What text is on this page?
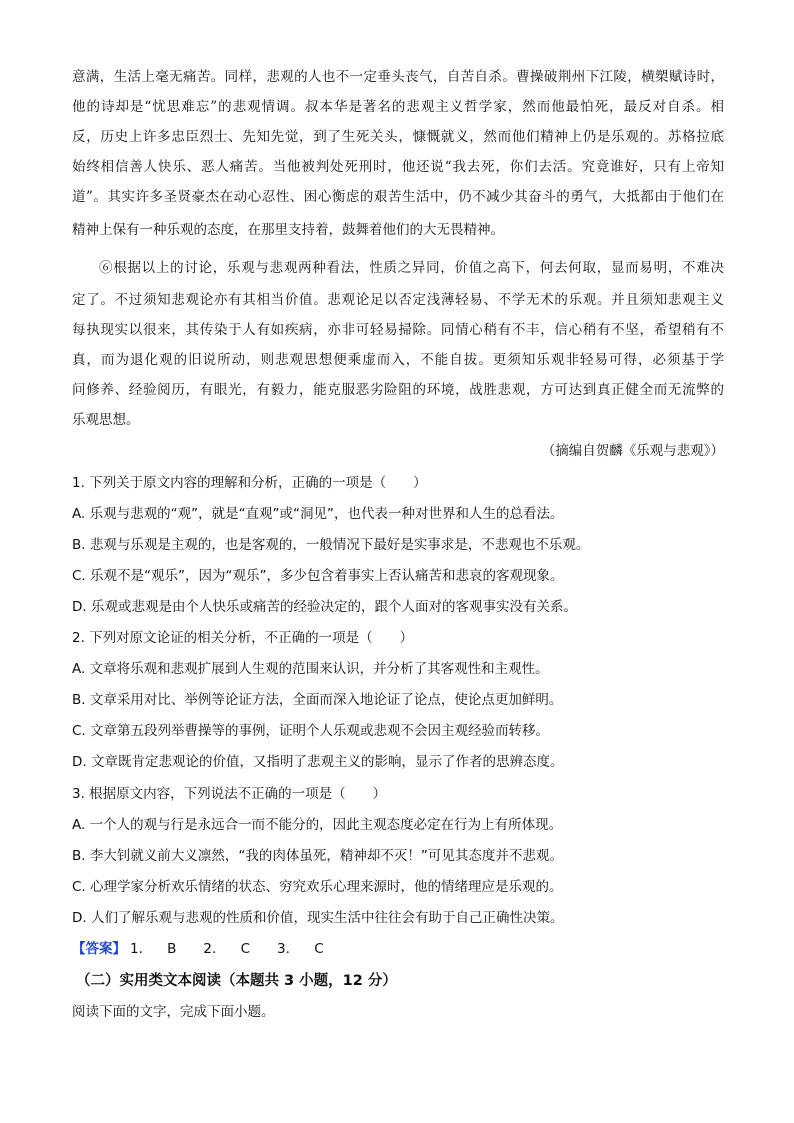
意满，生活上毫无痛苦。同样，悲观的人也不一定垂头丧气，自苦自杀。曹操破荆州下江陵，横槊赋诗时，
他的诗却是“忧思难忘”的悲观情调。叔本华是著名的悲观主义哲学家，然而他最怕死，最反对自杀。相
反，历史上许多忠臣烈士、先知先觉，到了生死关头，慷慨就义，然而他们精神上仍是乐观的。苏格拉底
始终相信善人快乐、恶人痛苦。当他被判处死刑时，他还说“我去死，你们去活。究竟谁好，只有上帝知
道”。其实许多圣贤豪杰在动心忍性、困心衡虑的艰苦生活中，仍不减少其奋斗的勇气，大抵都由于他们在
精神上保有一种乐观的态度，在那里支持着，鼓舞着他们的大无畏精神。
⑥根据以上的讨论，乐观与悲观两种看法，性质之异同，价值之高下，何去何取，显而易明，不难决
定了。不过须知悲观论亦有其相当价值。悲观论足以否定浅薄轻易、不学无术的乐观。并且须知悲观主义
每执现实以很来，其传染于人有如疾病，亦非可轻易掃除。同情心稍有不丰，信心稍有不坚，希望稍有不
真，而为退化观的旧说所动，则悲观思想便乘虚而入，不能自拔。更须知乐观非轻易可得，必须基于学
问修养、经验阅历，有眼光，有毅力，能克服恶劣险阻的环境，战胜悲观，方可达到真正健全而无流弊的
乐观思想。
（摘编自贺麟《乐观与悲观》）
1. 下列关于原文内容的理解和分析，正确的一项是（　　）
A. 乐观与悲观的“观”，就是“直观”或“洞见”，也代表一种对世界和人生的总看法。
B. 悲观与乐观是主观的，也是客观的，一般情况下最好是实事求是，不悲观也不乐观。
C. 乐观不是“观乐”，因为“观乐”，多少包含着事实上否认痛苦和悲哀的客观现象。
D. 乐观或悲观是由个人快乐或痛苦的经验决定的，跟个人面对的客观事实没有关系。
2. 下列对原文论证的相关分析，不正确的一项是（　　）
A. 文章将乐观和悲观扩展到人生观的范围来认识，并分析了其客观性和主观性。
B. 文章采用对比、举例等论证方法，全面而深入地论证了论点，使论点更加鲜明。
C. 文章第五段列举曹操等的事例，证明个人乐观或悲观不会因主观经验而转移。
D. 文章既肯定悲观论的价值，又指明了悲观主义的影响，显示了作者的思辨态度。
3. 根据原文内容，下列说法不正确的一项是（　　）
A. 一个人的观与行是永远合一而不能分的，因此主观态度必定在行为上有所体现。
B. 李大钊就义前大义凛然，“我的肉体虽死，精神却不灭！”可见其态度并不悲观。
C. 心理学家分析欢乐情绪的状态、穷究欢乐心理来源时，他的情绪理应是乐观的。
D. 人们了解乐观与悲观的性质和价值，现实生活中往往会有助于自己正确性决策。
【答案】 1. B　　2. C　　3. C
（二）实用类文本阅读（本题共 3 小题，12 分）
阅读下面的文字，完成下面小题。
